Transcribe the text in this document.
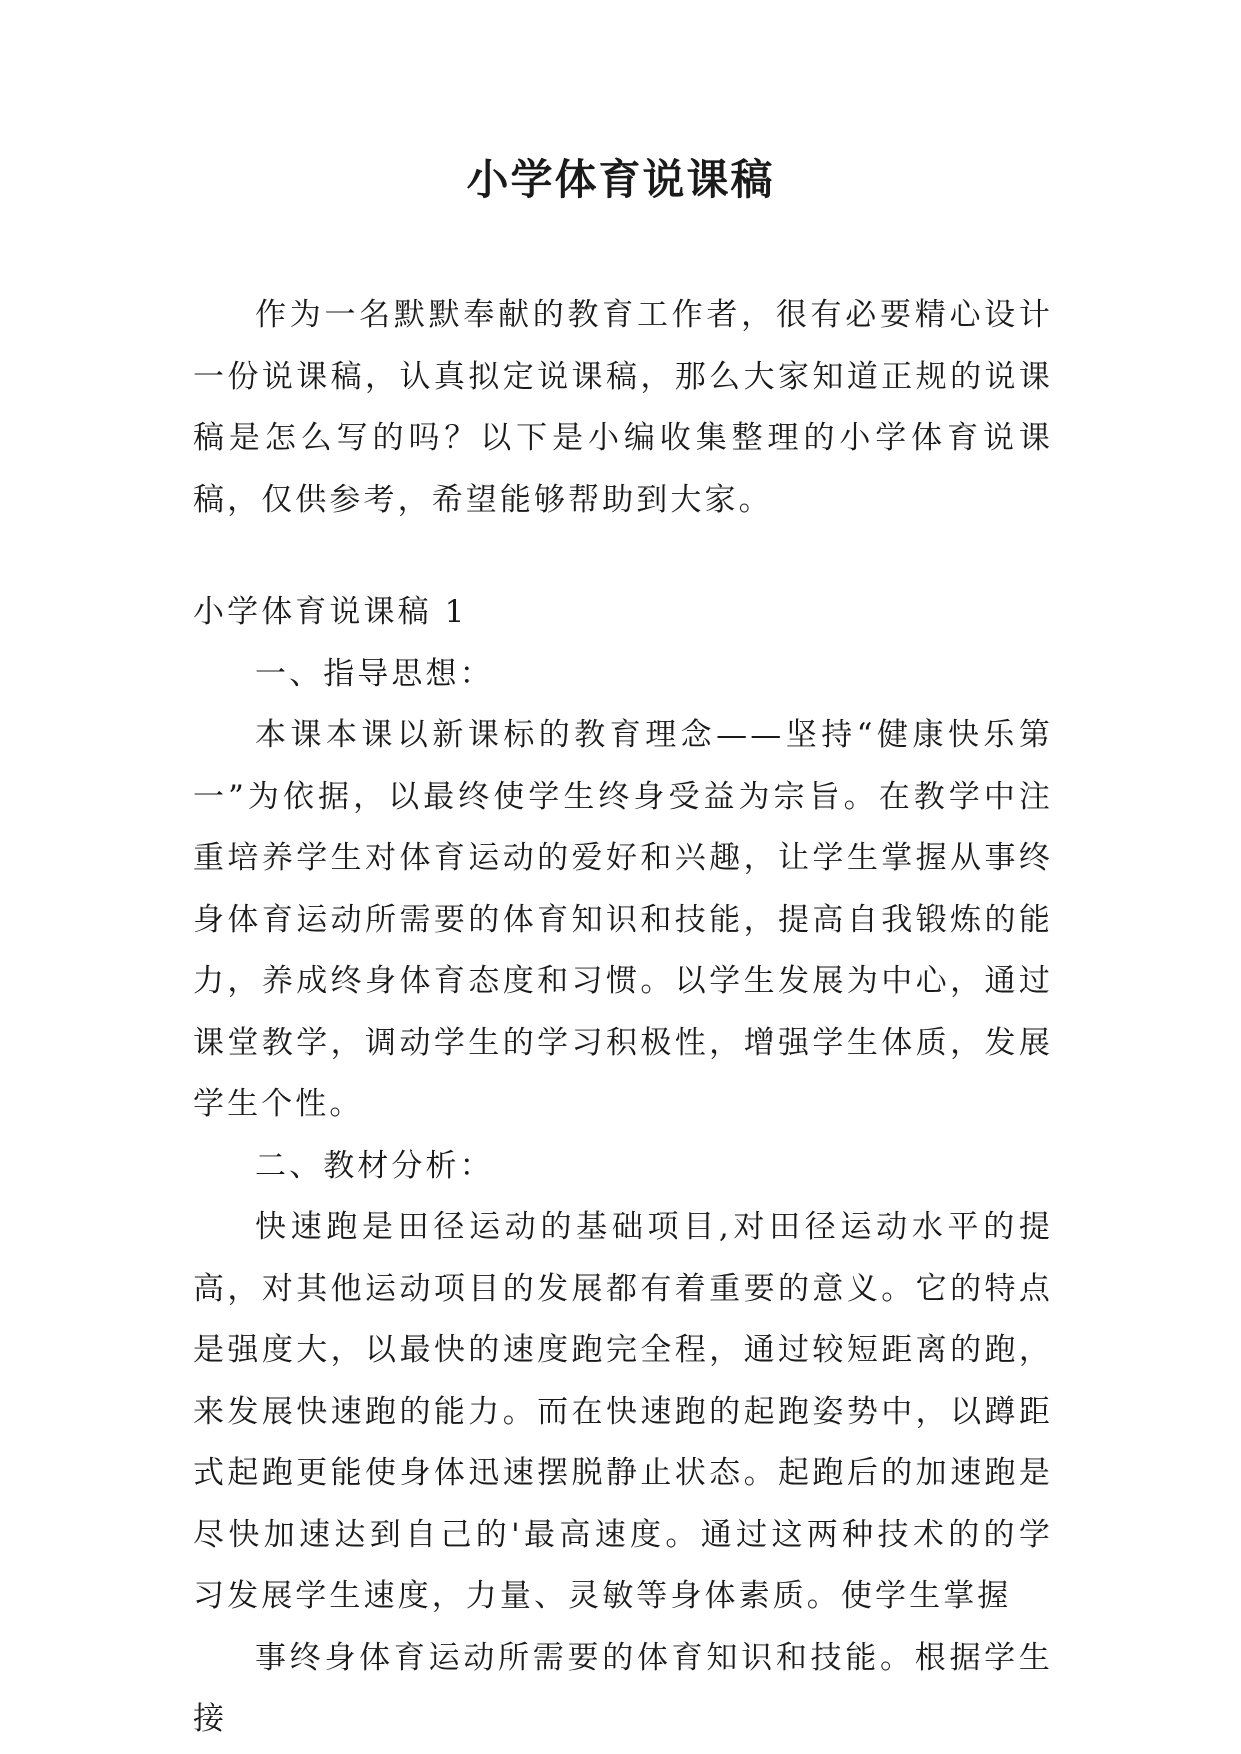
小学体育说课稿

作为一名默默奉献的教育工作者，很有必要精心设计一份说课稿，认真拟定说课稿，那么大家知道正规的说课稿是怎么写的吗？以下是小编收集整理的小学体育说课稿，仅供参考，希望能够帮助到大家。

小学体育说课稿 1

一、指导思想：

本课本课以新课标的教育理念——坚持“健康快乐第一”为依据，以最终使学生终身受益为宗旨。在教学中注重培养学生对体育运动的爱好和兴趣，让学生掌握从事终身体育运动所需要的体育知识和技能，提高自我锻炼的能力，养成终身体育态度和习惯。以学生发展为中心，通过课堂教学，调动学生的学习积极性，增强学生体质，发展学生个性。

二、教材分析：

快速跑是田径运动的基础项目,对田径运动水平的提高，对其他运动项目的发展都有着重要的意义。它的特点是强度大，以最快的速度跑完全程，通过较短距离的跑，来发展快速跑的能力。而在快速跑的起跑姿势中，以蹲距式起跑更能使身体迅速摆脱静止状态。起跑后的加速跑是尽快加速达到自己的'最高速度。通过这两种技术的的学习发展学生速度，力量、灵敏等身体素质。使学生掌握

事终身体育运动所需要的体育知识和技能。根据学生接
